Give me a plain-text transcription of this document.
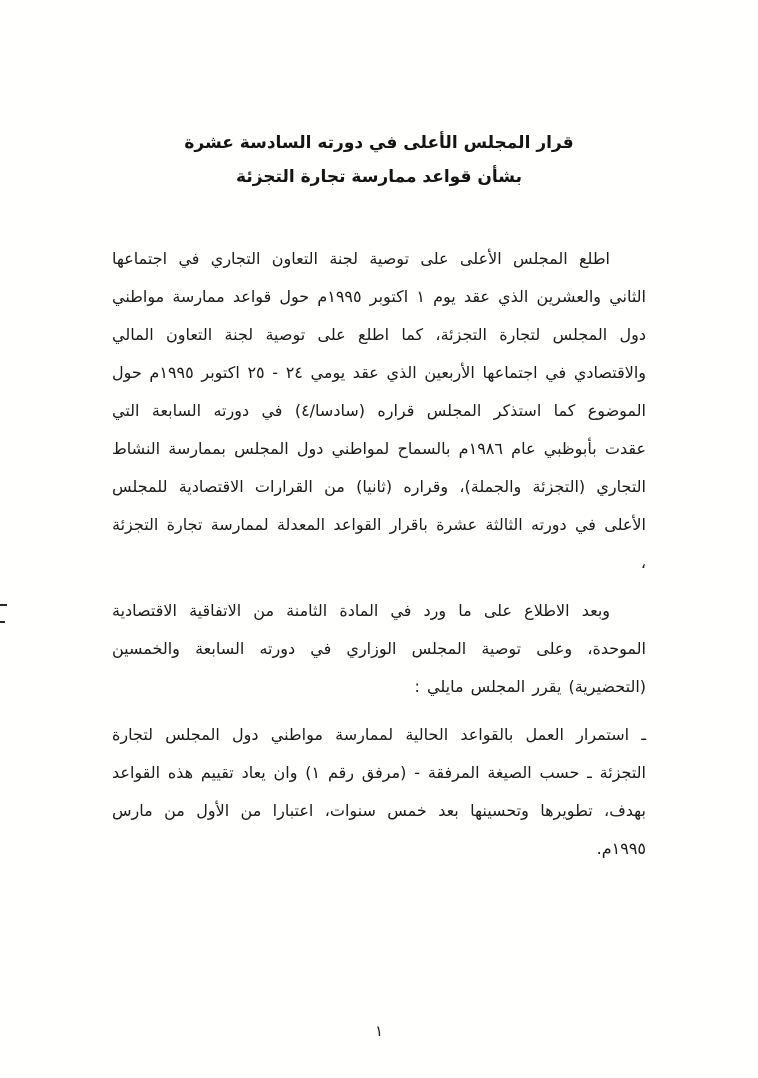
قرار المجلس الأعلى في دورته السادسة عشرة
بشأن قواعد ممارسة تجارة التجزئة

اطلع المجلس الأعلى على توصية لجنة التعاون التجاري في اجتماعها الثاني والعشرين الذي عقد يوم ١ اكتوبر ١٩٩٥م حول قواعد ممارسة مواطني دول المجلس لتجارة التجزئة، كما اطلع على توصية لجنة التعاون المالي والاقتصادي في اجتماعها الأربعين الذي عقد يومي ٢٤ - ٢٥ اكتوبر ١٩٩٥م حول الموضوع كما استذكر المجلس قراره (سادسا/٤) في دورته السابعة التي عقدت بأبوظبي عام ١٩٨٦م بالسماح لمواطني دول المجلس بممارسة النشاط التجاري (التجزئة والجملة)، وقراره (ثانيا) من القرارات الاقتصادية للمجلس الأعلى في دورته الثالثة عشرة باقرار القواعد المعدلة لممارسة تجارة التجزئة ،

وبعد الاطلاع على ما ورد في المادة الثامنة من الاتفاقية الاقتصادية الموحدة، وعلى توصية المجلس الوزاري في دورته السابعة والخمسين (التحضيرية) يقرر المجلس مايلي :

ـ استمرار العمل بالقواعد الحالية لممارسة مواطني دول المجلس لتجارة التجزئة ـ حسب الصيغة المرفقة - (مرفق رقم ١) وان يعاد تقييم هذه القواعد بهدف، تطويرها وتحسينها بعد خمس سنوات، اعتبارا من الأول من مارس ١٩٩٥م.

١
